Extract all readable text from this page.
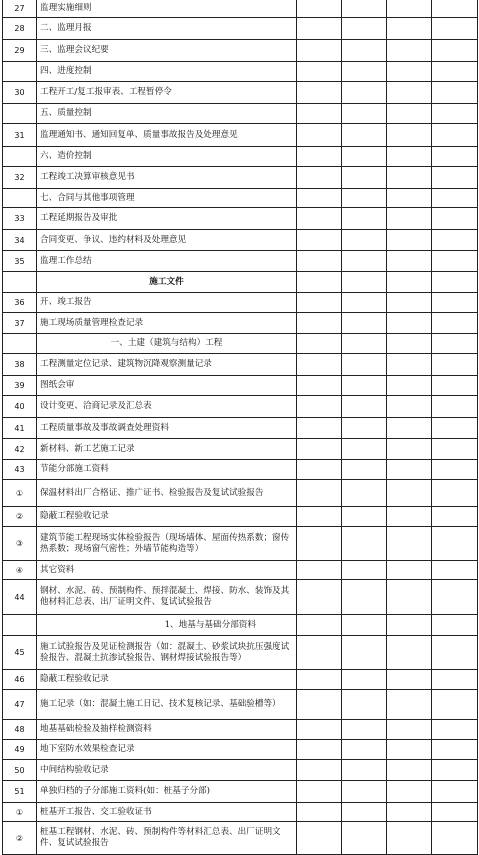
27	监理实施细则				
28	二、监理月报				
29	三、监理会议纪要				
	四、进度控制				
30	工程开工/复工报审表、工程暂停令				
	五、质量控制				
31	监理通知书、通知回复单、质量事故报告及处理意见				
	六、造价控制				
32	工程竣工决算审核意见书				
	七、合同与其他事项管理				
33	工程延期报告及审批				
34	合同变更、争议、违约材料及处理意见				
35	监理工作总结				
	施工文件				
36	开、竣工报告				
37	施工现场质量管理检查记录				
	一、土建（建筑与结构）工程				
38	工程测量定位记录、建筑物沉降观察测量记录				
39	图纸会审				
40	设计变更、洽商记录及汇总表				
41	工程质量事故及事故调查处理资料				
42	新材料、新工艺施工记录				
43	节能分部施工资料				
①	保温材料出厂合格证、推广证书、检验报告及复试试验报告				
②	隐蔽工程验收记录				
③	建筑节能工程现场实体检验报告（现场墙体、屋面传热系数；窗传热系数；现场窗气密性；外墙节能构造等）				
④	其它资料				
44	钢材、水泥、砖、预制构件、预拌混凝土、焊接、防水、装饰及其他材料汇总表、出厂证明文件、复试试验报告				
	1、地基与基础分部资料				
45	施工试验报告及见证检测报告（如：混凝土、砂浆试块抗压强度试验报告、混凝土抗渗试验报告、钢材焊接试验报告等）				
46	隐蔽工程验收记录				
47	施工记录（如：混凝土施工日记、技术复核记录、基础验槽等）				
48	地基基础检验及抽样检测资料				
49	地下室防水效果检查记录				
50	中间结构验收记录				
51	单独归档的子分部施工资料(如：桩基子分部)				
①	桩基开工报告、交工验收证书				
②	桩基工程钢材、水泥、砖、预制构件等材料汇总表、出厂证明文件、复试试验报告				
